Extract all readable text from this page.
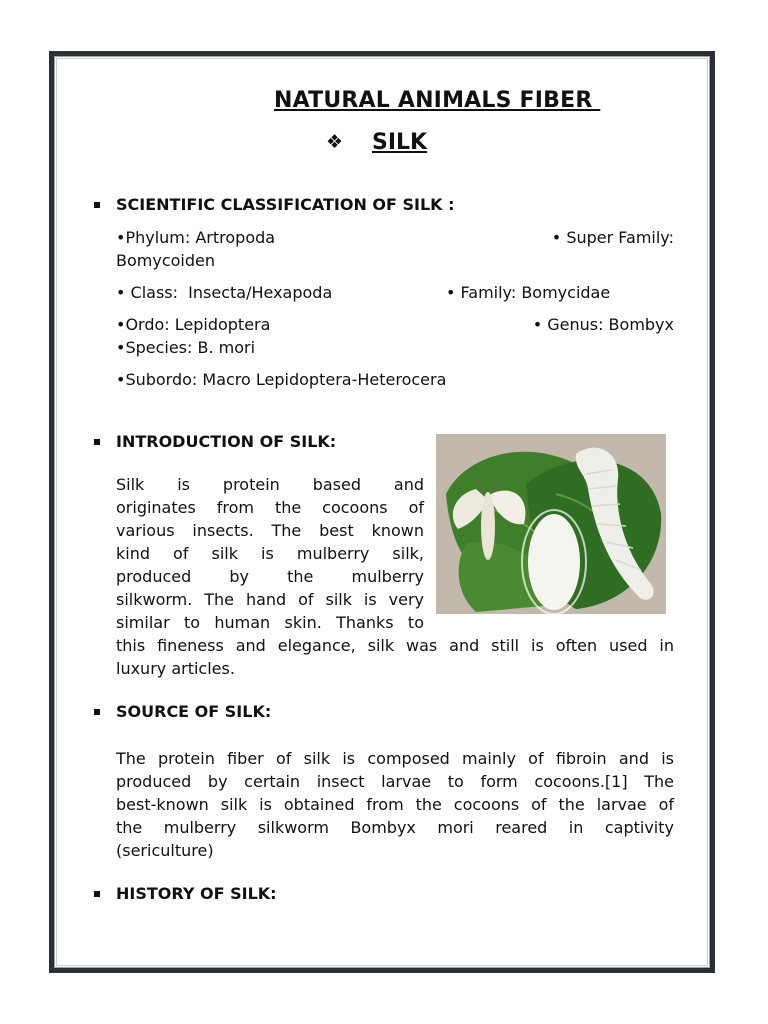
NATURAL ANIMALS FIBER
❖ SILK
SCIENTIFIC CLASSIFICATION OF SILK :
•Phylum: Artropoda	• Super Family:
Bomycoiden
• Class:  Insecta/Hexapoda	• Family: Bomycidae
•Ordo: Lepidoptera	• Genus: Bombyx
•Species: B. mori
•Subordo: Macro Lepidoptera-Heterocera
INTRODUCTION OF SILK:
Silk is protein based and
originates from the cocoons of
various insects. The best known
kind of silk is mulberry silk,
produced by the mulberry
silkworm. The hand of silk is very
similar to human skin. Thanks to
this fineness and elegance, silk was and still is often used in
luxury articles.
SOURCE OF SILK:
The protein fiber of silk is composed mainly of fibroin and is
produced by certain insect larvae to form cocoons.[1] The
best-known silk is obtained from the cocoons of the larvae of
the mulberry silkworm Bombyx mori reared in captivity
(sericulture)
HISTORY OF SILK:
